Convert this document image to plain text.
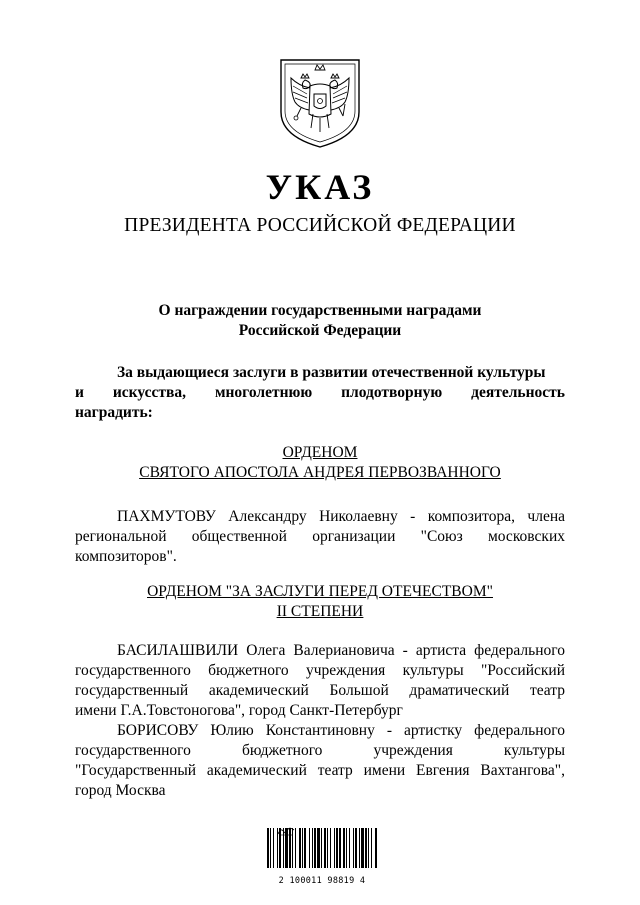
УКАЗ
ПРЕЗИДЕНТА РОССИЙСКОЙ ФЕДЕРАЦИИ
О награждении государственными наградами
Российской Федерации
За выдающиеся заслуги в развитии отечественной культуры
и искусства, многолетнюю плодотворную деятельность
наградить:
ОРДЕНОМ
СВЯТОГО АПОСТОЛА АНДРЕЯ ПЕРВОЗВАННОГО
ПАХМУТОВУ Александру Николаевну - композитора, члена
региональной общественной организации "Союз московских
композиторов".
ОРДЕНОМ "ЗА ЗАСЛУГИ ПЕРЕД ОТЕЧЕСТВОМ"
II СТЕПЕНИ
БАСИЛАШВИЛИ Олега Валериановича - артиста федерального
государственного бюджетного учреждения культуры "Российский
государственный академический Большой драматический театр
имени Г.А.Товстоногова", город Санкт-Петербург
БОРИСОВУ Юлию Константиновну - артистку федерального
государственного бюджетного учреждения культуры
"Государственный академический театр имени Евгения Вахтангова",
город Москва
2 100011 98819 4
